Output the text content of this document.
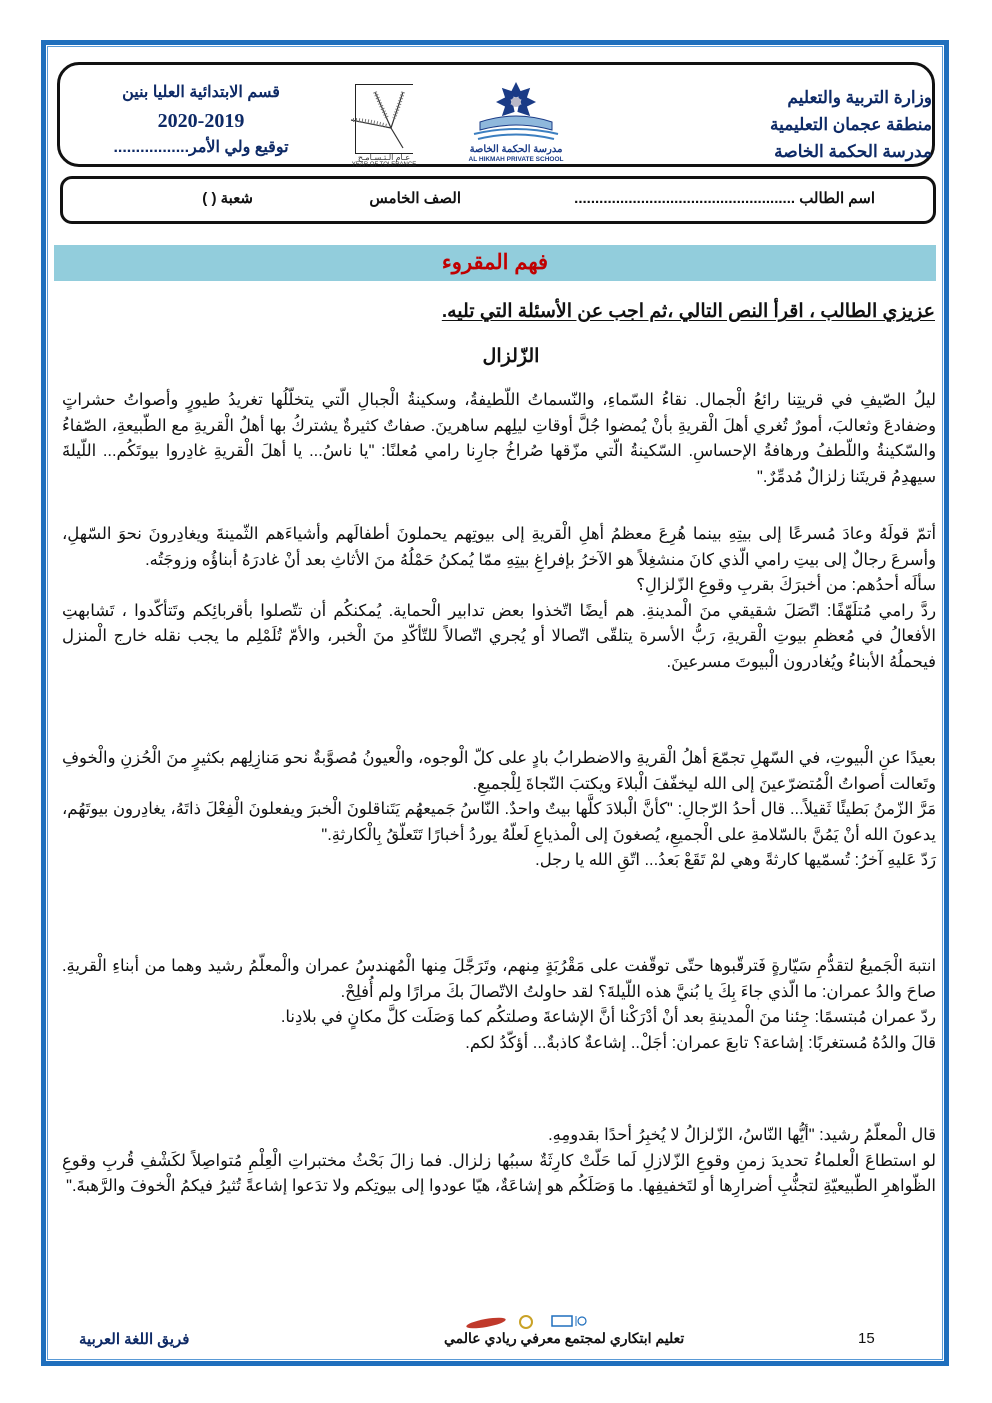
وزارة التربية والتعليم
منطقة عجمان التعليمية
مدرسة الحكمة الخاصة
مدرسة الحكمة الخاصة
AL HIKMAH PRIVATE SCHOOL
عـام الـتـسـامـح
YEAR OF TOLERANCE
قسم الابتدائية العليا بنين
2020-2019
توقيع ولي الأمر.................
اسم الطالب .....................................................
الصف الخامس
شعبة ( )
فهم المقروء
عزيزي الطالب ، اقرأ النص التالي ،ثم اجب عن الأسئلة التي تليه.
الزّلزال

ليلُ الصّيفِ في قريتِنا رائعُ الْجمال. نقاءُ السّماءِ، والنّسماتُ اللّطيفةُ، وسكينةُ الْجبالِ الّتي يتخلّلُها تغريدُ طيورٍ وأصواتُ حشراتٍ وضفادعَ وثعالبَ، أمورٌ تُغري أهلَ الْقريةِ بأنْ يُمضوا جُلَّ أوقاتِ ليلِهم ساهرينَ. صفاتٌ كثيرةٌ يشتركُ بها أهلُ الْقريةِ مع الطّبيعةِ، الصّفاءُ والسّكينةُ واللّطفُ ورهافةُ الإحساسِ. السّكينةُ الّتي مزّقها صُراخُ جارِنا رامي مُعلنًا: "يا ناسُ... يا أهلَ الْقريةِ غادِروا بيوتَكُم... اللّيلةَ سيهدِمُ قريتَنا زلزالٌ مُدمِّرٌ."

أتمّ قولَهُ وعادَ مُسرعًا إلى بيتِهِ بينما هُرِعَ معظمُ أهلِ الْقريةِ إلى بيوتِهم يحملونَ أطفالَهم وأشياءَهم الثّمينةَ ويغادِرونَ نحوَ السّهلِ، وأسرعَ رجالٌ إلى بيتِ رامي الّذي كانَ منشغِلاً هو الآخرُ بإفراغِ بيتِهِ ممّا يُمكنُ حَمْلُهُ منَ الأثاثِ بعد أنْ غادرَهُ أبناؤُه وزوجَتُه.

سألَه أحدُهم: من أخبرَكَ بقربِ وقوعِ الزّلزالِ؟

ردَّ رامي مُتلَهّفًا: اتّصَلَ شقيقي منَ الْمدينةِ. هم أيضًا اتّخذوا بعض تدابير الْحماية. يُمكنكُم أن تتّصلوا بأقربائِكم وتَتأكّدوا ، تَشابهتِ الأفعالُ في مُعظمِ بيوتِ الْقريةِ، رَبُّ الأسرة يتلقّى اتّصالا أو يُجري اتّصالاً للتّأكّدِ منَ الْخبر، والأمّ تُلَمْلِم ما يجب نقله خارج الْمنزل فيحملُهُ الأبناءُ ويُغادرون الْبيوتَ مسرعينَ.

بعيدًا عنِ الْبيوتِ، في السّهلِ تجمّعَ أهلُ الْقريةِ والاضطرابُ بادٍ على كلّ الْوجوه، والْعيونُ مُصوَّبةٌ نحو مَنازِلِهم بكثيرٍ منَ الْحُزنِ والْخوفِ وتَعالت أصواتُ الْمُتضرّعينَ إلى الله ليخفّفَ الْبلاءَ ويكتبَ النّجاةَ لِلْجميعِ.

مَرَّ الزّمنُ بَطيئًا ثَقيلاً... قال أحدُ الرّجالِ: "كأنَّ الْبلادَ كلَّها بيتٌ واحدٌ. النّاسُ جَميعهُم يَتَناقلونَ الْخبرَ ويفعلونَ الْفِعْلَ ذاتَهُ، يغادِرون بيوتَهُم، يدعونَ الله أنْ يَمُنَّ بالسّلامةِ على الْجميعِ، يُصغونَ إلى الْمذياعِ لَعلّهُ يوردُ أخبارًا تَتَعلّقُ بِالْكارثةِ."

رَدّ عَليهِ آخرُ: تُسمّيها كارثةً وهي لمْ تَقَعْ بَعدُ... اتّقِ الله يا رجل.

انتبهَ الْجَميعُ لتقدُّمِ سَيّارةٍ فَترقّبوها حتّى توقّفت على مَقْرُبَةٍ مِنهم، وتَرَجَّلَ مِنها الْمُهندسُ عمران والْمعلّمُ رشيد وهما من أبناءِ الْقريةِ. صاحَ والدُ عمران: ما الّذي جاءَ بِكَ يا بُنيَّ هذه اللّيلةَ؟ لقد حاولتُ الاتّصالَ بكَ مرارًا ولم أُفلِحْ.

ردّ عمران مُبتسمًا: جِئنا منَ الْمدينةِ بعد أنْ أدْرَكْنا أنَّ الإشاعةَ وصلتكُم كما وَصَلَت كلَّ مكانٍ في بلادِنا.

قالَ والدُهُ مُستغربًا: إشاعة؟ تابعَ عمران: أجَلْ.. إشاعةٌ كاذبةٌ... أؤكّدُ لكم.

قال الْمعلّمُ رشيد: "أيُّها النّاسُ، الزّلزالُ لا يُخبِرُ أحدًا بقدومِهِ.

لو استطاعَ الْعلماءُ تحديدَ زمنِ وقوعِ الزّلازلِ لَما حَلّتْ كارِثَةٌ سببُها زلزال. فما زالَ بَحْثُ مختبراتِ الْعِلْمِ مُتواصِلاً لكَشْفِ قُربِ وقوعِ الظّواهرِ الطّبيعيّةِ لتجنُّبِ أضرارِها أو لتَخفيفِها. ما وَصَلَكُم هو إشاعَةٌ، هيّا عودوا إلى بيوتِكم ولا تدَعوا إشاعةً تُثيرُ فيكمُ الْخوفَ والرَّهبةَ."

فريق اللغة العربية	تعليم ابتكاري لمجتمع معرفي ريادي عالمي	15
